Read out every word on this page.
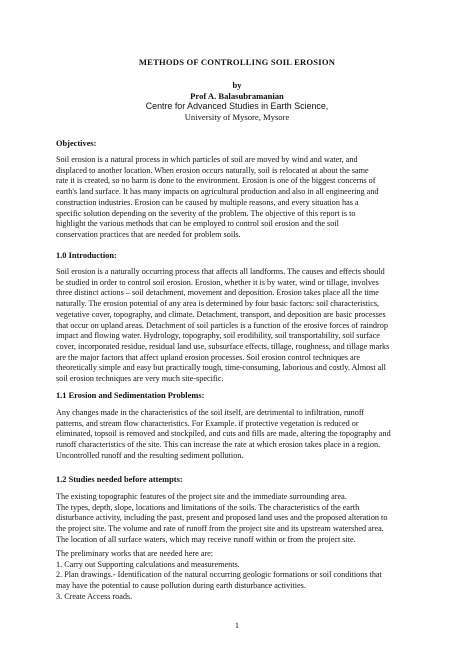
METHODS OF CONTROLLING SOIL EROSION
by
Prof A. Balasubramanian
Centre for Advanced Studies in Earth Science,
University of Mysore, Mysore
Objectives:
Soil erosion is a natural process in which particles of soil are moved by wind and water, and
displaced to another location. When erosion occurs naturally, soil is relocated at about the same
rate it is created, so no harm is done to the environment. Erosion is one of the biggest concerns of
earth's land surface. It has many impacts on agricultural production and also in all engineering and
construction industries. Erosion can be caused by multiple reasons, and every situation has a
specific solution depending on the severity of the problem. The objective of this report is to
highlight the various methods that can be employed to control soil erosion and the soil
conservation practices that are needed for problem soils.
1.0 Introduction:
Soil erosion is a naturally occurring process that affects all landforms. The causes and effects should
be studied in order to control soil erosion. Erosion, whether it is by water, wind or tillage, involves
three distinct actions – soil detachment, movement and deposition. Erosion takes place all the time
naturally. The erosion potential of any area is determined by four basic factors: soil characteristics,
vegetative cover, topography, and climate. Detachment, transport, and deposition are basic processes
that occur on upland areas. Detachment of soil particles is a function of the erosive forces of raindrop
impact and flowing water. Hydrology, topography, soil erodibility, soil transportability, soil surface
cover, incorporated residue, residual land use, subsurface effects, tillage, roughness, and tillage marks
are the major factors that affect upland erosion processes. Soil erosion control techniques are
theoretically simple and easy but practically tough, time-consuming, laborious and costly. Almost all
soil erosion techniques are very much site-specific.
1.1 Erosion and Sedimentation Problems:
Any changes made in the characteristics of the soil itself, are detrimental to infiltration, runoff
patterns, and stream flow characteristics. For Example. if protective vegetation is reduced or
eliminated, topsoil is removed and stockpiled, and cuts and fills are made, altering the topography and
runoff characteristics of the site. This can increase the rate at which erosion takes place in a region.
Uncontrolled runoff and the resulting sediment pollution.
1.2 Studies needed before attempts:
The existing topographic features of the project site and the immediate surrounding area.
The types, depth, slope, locations and limitations of the soils. The characteristics of the earth
disturbance activity, including the past, present and proposed land uses and the proposed alteration to
the project site. The volume and rate of runoff from the project site and its upstream watershed area.
The location of all surface waters, which may receive runoff within or from the project site.
The preliminary works that are needed here are:
1. Carry out Supporting calculations and measurements.
2. Plan drawings.- Identification of the natural occurring geologic formations or soil conditions that
may have the potential to cause pollution during earth disturbance activities.
3. Create Access roads.
1
